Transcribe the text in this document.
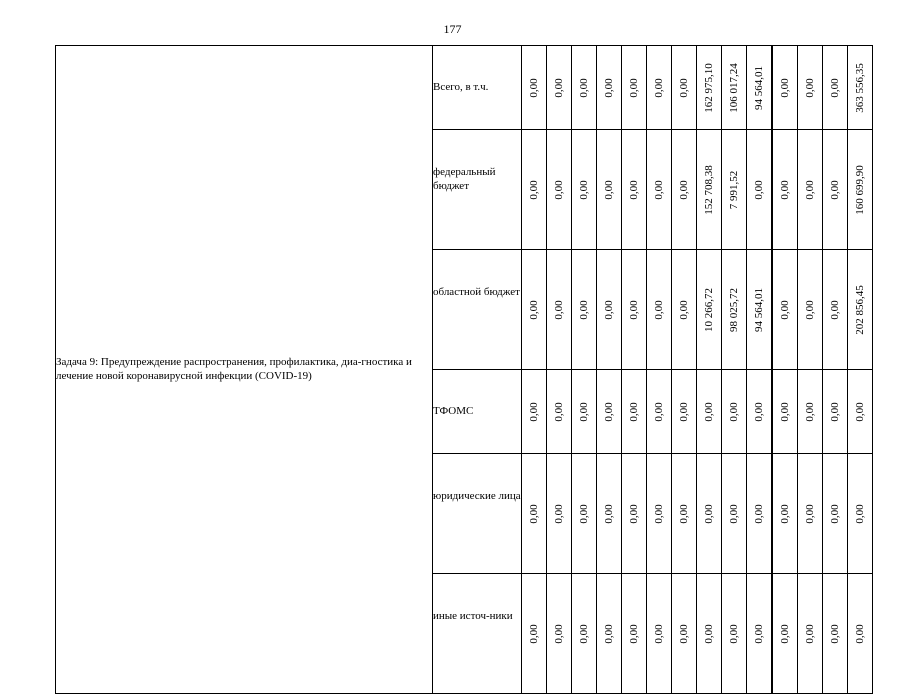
177
Задача 9: Предупреждение распространения, профилактика, диа-гностика и лечение новой коронавирусной инфекции (COVID-19)	Всего, в т.ч.	0,00	0,00	0,00	0,00	0,00	0,00	0,00	162 975,10	106 017,24	94 564,01	0,00	0,00	0,00	363 556,35

	федеральный бюджет	0,00	0,00	0,00	0,00	0,00	0,00	0,00	152 708,38	7 991,52	0,00	0,00	0,00	0,00	160 699,90

	областной бюджет	0,00	0,00	0,00	0,00	0,00	0,00	0,00	10 266,72	98 025,72	94 564,01	0,00	0,00	0,00	202 856,45

	ТФОМС	0,00	0,00	0,00	0,00	0,00	0,00	0,00	0,00	0,00	0,00	0,00	0,00	0,00	0,00

	юридические лица	0,00	0,00	0,00	0,00	0,00	0,00	0,00	0,00	0,00	0,00	0,00	0,00	0,00	0,00

	иные источ-ники	0,00	0,00	0,00	0,00	0,00	0,00	0,00	0,00	0,00	0,00	0,00	0,00	0,00	0,00
